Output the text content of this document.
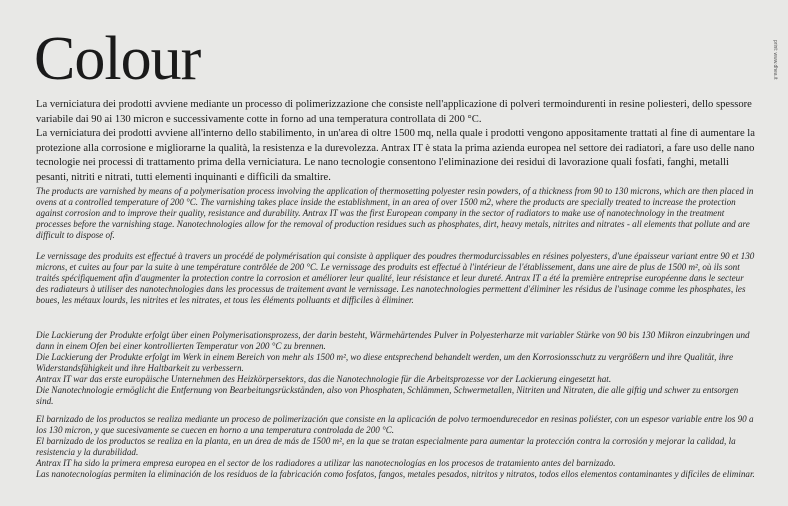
Colour	print: www.dhea.it

La verniciatura dei prodotti avviene mediante un processo di polimerizzazione che consiste nell'applicazione di polveri termoindurenti in resine poliesteri, dello spessore variabile dai 90 ai 130 micron e successivamente cotte in forno ad una temperatura controllata di 200 °C.

La verniciatura dei prodotti avviene all'interno dello stabilimento, in un'area di oltre 1500 mq, nella quale i prodotti vengono appositamente trattati al fine di aumentare la protezione alla corrosione e migliorarne la qualità, la resistenza e la durevolezza. Antrax IT è stata la prima azienda europea nel settore dei radiatori, a fare uso delle nano tecnologie nei processi di trattamento prima della verniciatura. Le nano tecnologie consentono l'eliminazione dei residui di lavorazione quali fosfati, fanghi, metalli pesanti, nitriti e nitrati, tutti elementi inquinanti e difficili da smaltire.

The products are varnished by means of a polymerisation process involving the application of thermosetting polyester resin powders, of a thickness from 90 to 130 microns, which are then placed in ovens at a controlled temperature of 200 °C. The varnishing takes place inside the establishment, in an area of over 1500 m2, where the products are specially treated to increase the protection against corrosion and to improve their quality, resistance and durability. Antrax IT was the first European company in the sector of radiators to make use of nanotechnology in the treatment processes before the varnishing stage. Nanotechnologies allow for the removal of production residues such as phosphates, dirt, heavy metals, nitrites and nitrates - all elements that pollute and are difficult to dispose of.

Le vernissage des produits est effectué à travers un procédé de polymérisation qui consiste à appliquer des poudres thermodurcissables en résines polyesters, d'une épaisseur variant entre 90 et 130 microns, et cuites au four par la suite à une température contrôlée de 200 °C. Le vernissage des produits est effectué à l'intérieur de l'établissement, dans une aire de plus de 1500 m², où ils sont traités spécifiquement afin d'augmenter la protection contre la corrosion et améliorer leur qualité, leur résistance et leur dureté. Antrax IT a été la première entreprise européenne dans le secteur des radiateurs à utiliser des nanotechnologies dans les processus de traitement avant le vernissage. Les nanotechnologies permettent d'éliminer les résidus de l'usinage comme les phosphates, les boues, les métaux lourds, les nitrites et les nitrates, et tous les éléments polluants et difficiles à éliminer.

Die Lackierung der Produkte erfolgt über einen Polymerisationsprozess, der darin besteht, Wärmehärtendes Pulver in Polyesterharze mit variabler Stärke von 90 bis 130 Mikron einzubringen und dann in einem Ofen bei einer kontrollierten Temperatur von 200 °C zu brennen.

Die Lackierung der Produkte erfolgt im Werk in einem Bereich von mehr als 1500 m², wo diese entsprechend behandelt werden, um den Korrosionsschutz zu vergrößern und ihre Qualität, ihre Widerstandsfähigkeit und ihre Haltbarkeit zu verbessern.

Antrax IT war das erste europäische Unternehmen des Heizkörpersektors, das die Nanotechnologie für die Arbeitsprozesse vor der Lackierung eingesetzt hat.

Die Nanotechnologie ermöglicht die Entfernung von Bearbeitungsrückständen, also von Phosphaten, Schlämmen, Schwermetallen, Nitriten und Nitraten, die alle giftig und schwer zu entsorgen sind.

El barnizado de los productos se realiza mediante un proceso de polimerización que consiste en la aplicación de polvo termoendurecedor en resinas poliéster, con un espesor variable entre los 90 a los 130 micron, y que sucesivamente se cuecen en horno a una temperatura controlada de 200 °C.

El barnizado de los productos se realiza en la planta, en un área de más de 1500 m², en la que se tratan especialmente para aumentar la protección contra la corrosión y mejorar la calidad, la resistencia y la durabilidad.

Antrax IT ha sido la primera empresa europea en el sector de los radiadores a utilizar las nanotecnologías en los procesos de tratamiento antes del barnizado.

Las nanotecnologías permiten la eliminación de los residuos de la fabricación como fosfatos, fangos, metales pesados, nitritos y nitratos, todos ellos elementos contaminantes y difíciles de eliminar.
